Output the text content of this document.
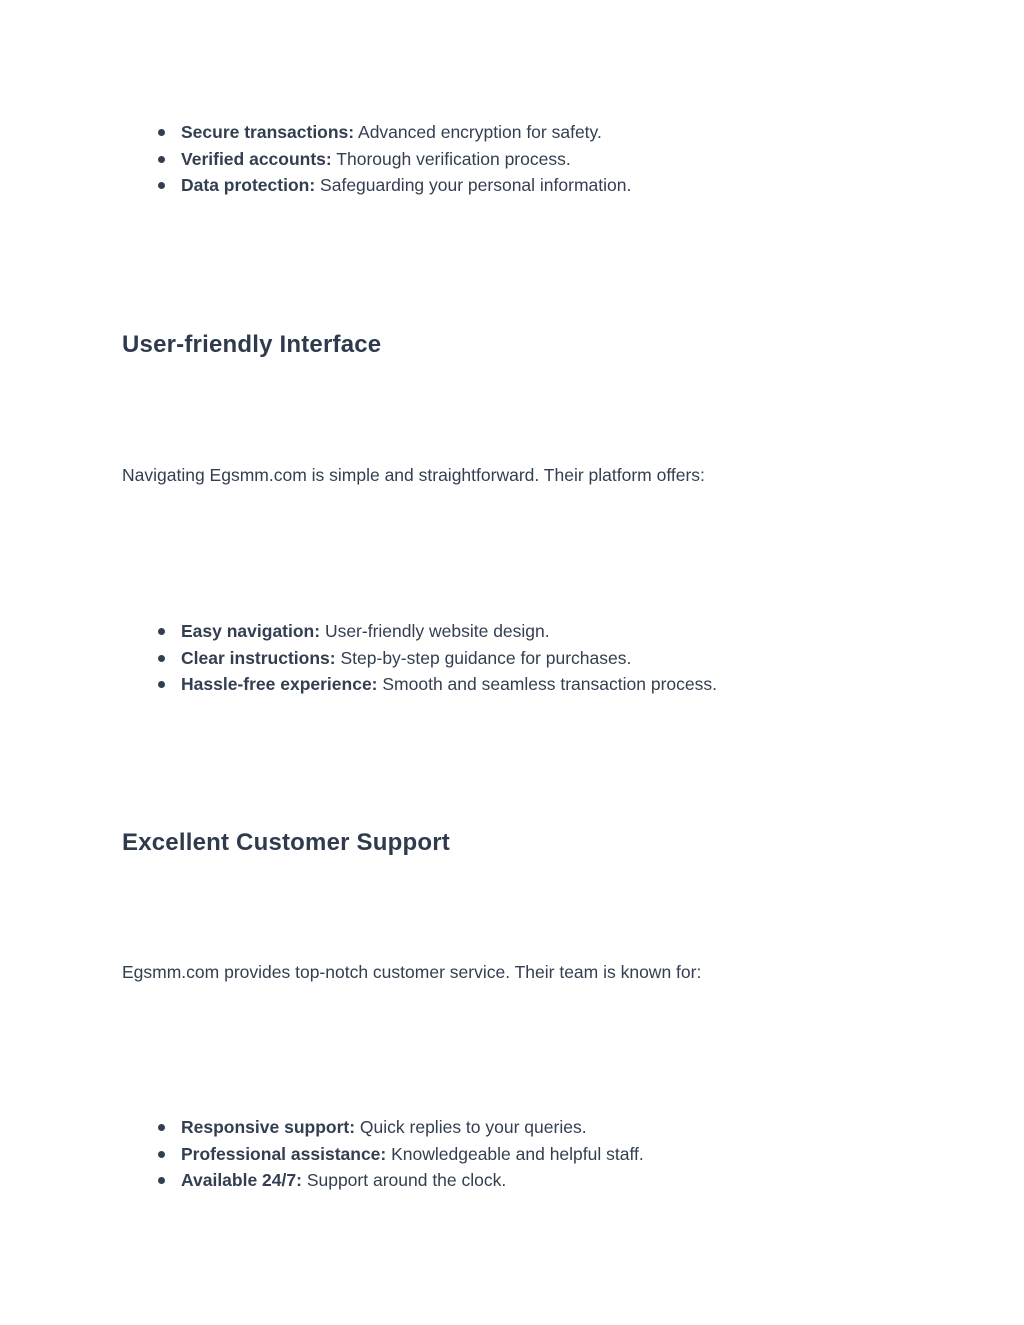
Secure transactions: Advanced encryption for safety.
Verified accounts: Thorough verification process.
Data protection: Safeguarding your personal information.
User-friendly Interface

Navigating Egsmm.com is simple and straightforward. Their platform offers:

Easy navigation: User-friendly website design.
Clear instructions: Step-by-step guidance for purchases.
Hassle-free experience: Smooth and seamless transaction process.
Excellent Customer Support

Egsmm.com provides top-notch customer service. Their team is known for:

Responsive support: Quick replies to your queries.
Professional assistance: Knowledgeable and helpful staff.
Available 24/7: Support around the clock.
